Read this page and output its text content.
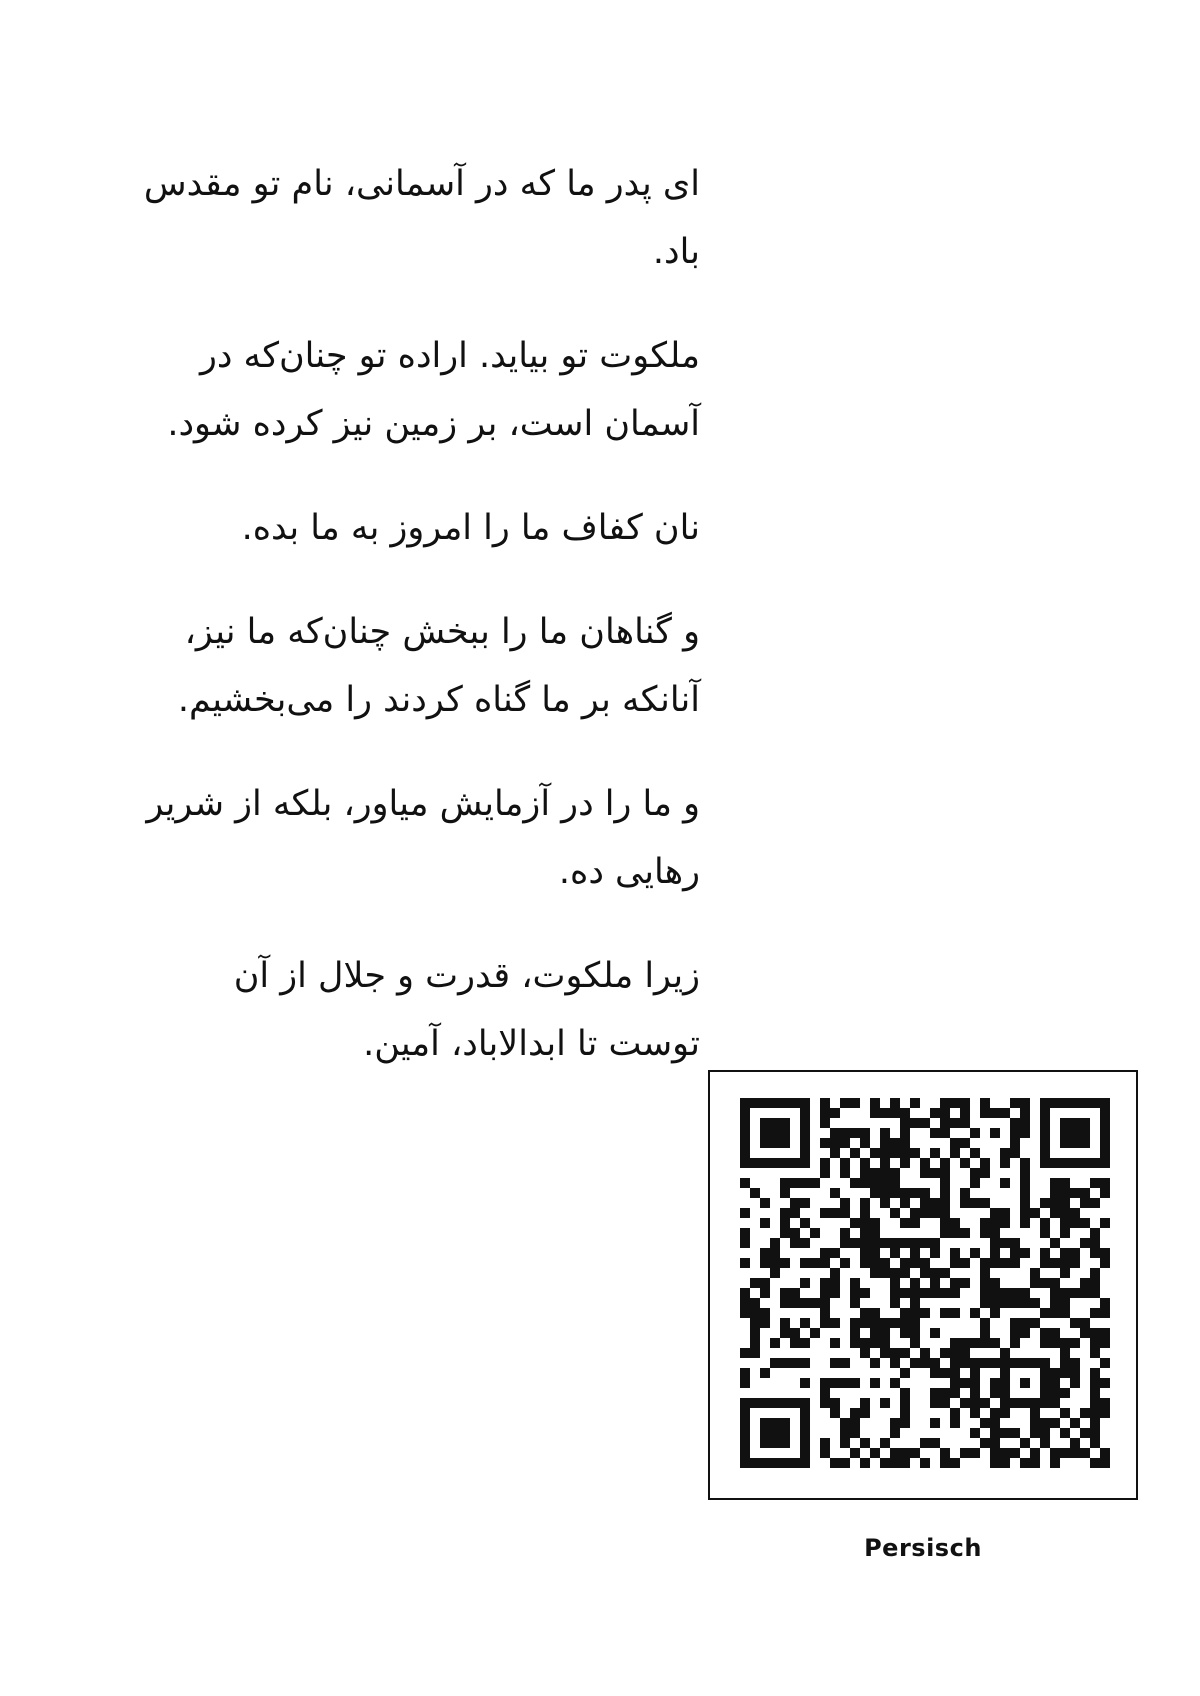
ای پدر ما که در آسمانی، نام تو مقدس باد.

ملکوت تو بیاید. اراده تو چنان‌که در آسمان است، بر زمین نیز کرده شود.

نان کفاف ما را امروز به ما بده.

و گناهان ما را ببخش چنان‌که ما نیز، آنانکه بر ما گناه کردند را می‌بخشیم.

و ما را در آزمایش میاور، بلکه از شریر رهایی ده.

زیرا ملکوت، قدرت و جلال از آن توست تا ابدالاباد، آمین.

Persisch
